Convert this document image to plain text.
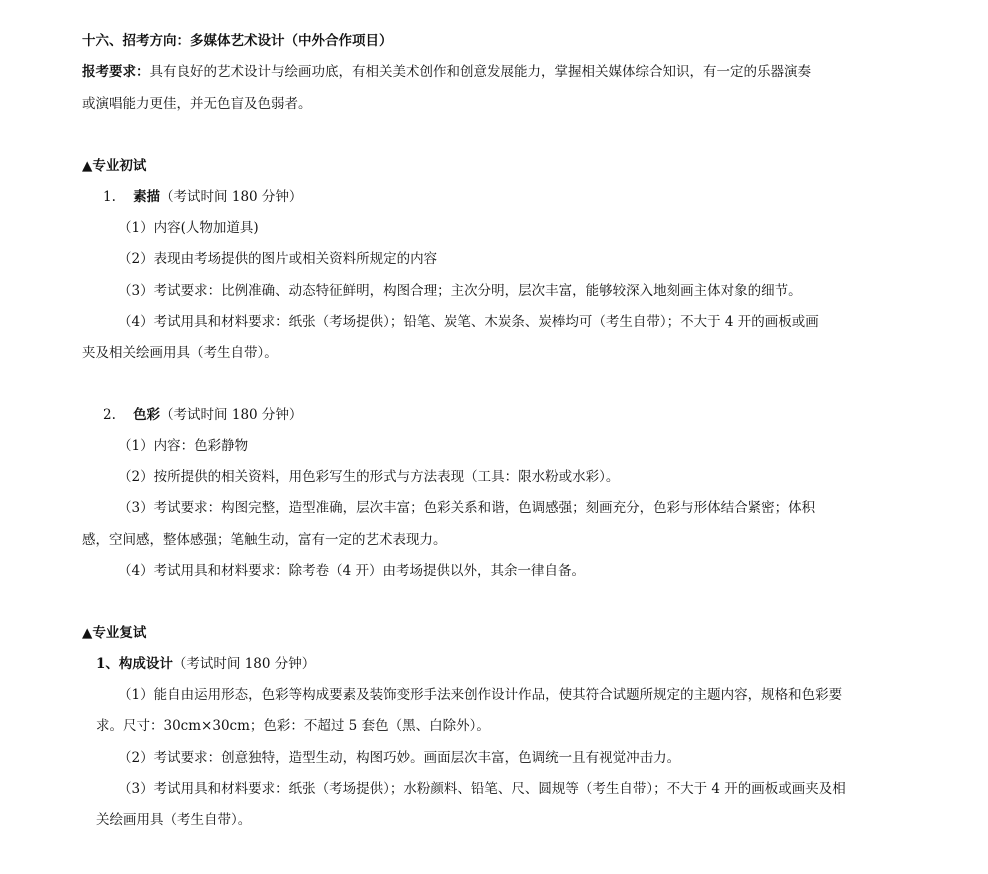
十六、招考方向：多媒体艺术设计（中外合作项目）
报考要求：具有良好的艺术设计与绘画功底，有相关美术创作和创意发展能力，掌握相关媒体综合知识，有一定的乐器演奏
或演唱能力更佳，并无色盲及色弱者。
▲专业初试
1. 素描（考试时间 180 分钟）
（1）内容(人物加道具)
（2）表现由考场提供的图片或相关资料所规定的内容
（3）考试要求：比例准确、动态特征鲜明，构图合理；主次分明，层次丰富，能够较深入地刻画主体对象的细节。
（4）考试用具和材料要求：纸张（考场提供）；铅笔、炭笔、木炭条、炭棒均可（考生自带）；不大于 4 开的画板或画
夹及相关绘画用具（考生自带）。
2. 色彩（考试时间 180 分钟）
（1）内容：色彩静物
（2）按所提供的相关资料，用色彩写生的形式与方法表现（工具：限水粉或水彩）。
（3）考试要求：构图完整，造型准确，层次丰富；色彩关系和谐，色调感强；刻画充分，色彩与形体结合紧密；体积
感，空间感，整体感强；笔触生动，富有一定的艺术表现力。
（4）考试用具和材料要求：除考卷（4 开）由考场提供以外，其余一律自备。
▲专业复试
1、构成设计（考试时间 180 分钟）
（1）能自由运用形态，色彩等构成要素及装饰变形手法来创作设计作品，使其符合试题所规定的主题内容，规格和色彩要
求。尺寸：30cm×30cm；色彩：不超过 5 套色（黑、白除外）。
（2）考试要求：创意独特，造型生动，构图巧妙。画面层次丰富，色调统一且有视觉冲击力。
（3）考试用具和材料要求：纸张（考场提供）；水粉颜料、铅笔、尺、圆规等（考生自带）；不大于 4 开的画板或画夹及相
关绘画用具（考生自带）。
